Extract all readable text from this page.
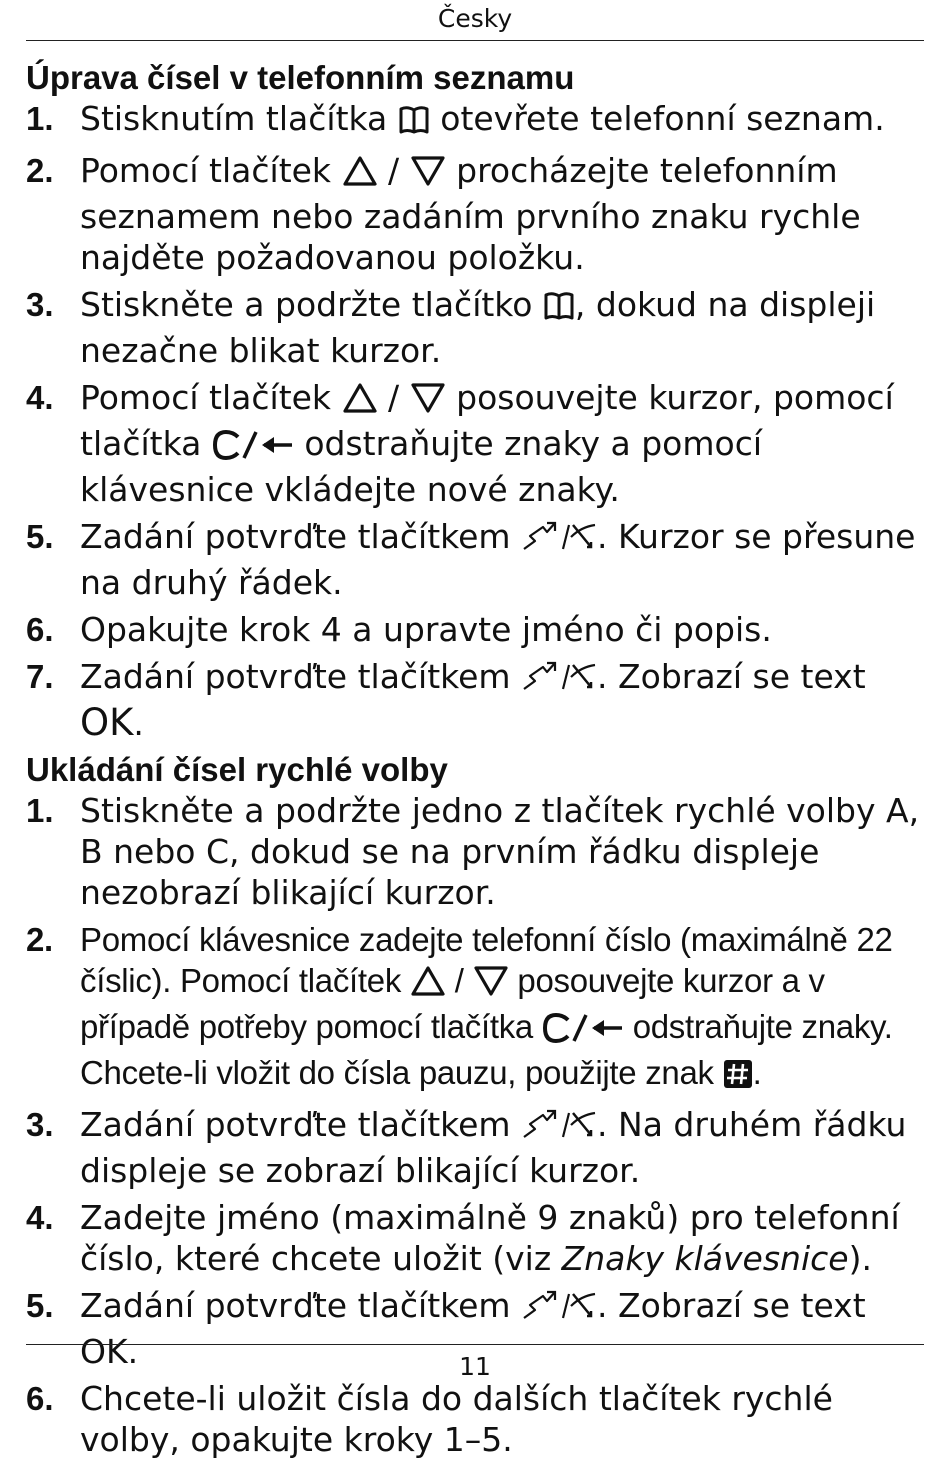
Česky
Úprava čísel v telefonním seznamu
1. Stisknutím tlačítka  otevřete telefonní seznam.
2. Pomocí tlačítek  /  procházejte telefonním seznamem nebo zadáním prvního znaku rychle najděte požadovanou položku.
3. Stiskněte a podržte tlačítko , dokud na displeji nezačne blikat kurzor.
4. Pomocí tlačítek  /  posouvejte kurzor, pomocí tlačítka  odstraňujte znaky a pomocí klávesnice vkládejte nové znaky.
5. Zadání potvrďte tlačítkem . Kurzor se přesune na druhý řádek.
6. Opakujte krok 4 a upravte jméno či popis.
7. Zadání potvrďte tlačítkem . Zobrazí se text OK.
Ukládání čísel rychlé volby
1. Stiskněte a podržte jedno z tlačítek rychlé volby A, B nebo C, dokud se na prvním řádku displeje nezobrazí blikající kurzor.
2. Pomocí klávesnice zadejte telefonní číslo (maximálně 22 číslic). Pomocí tlačítek  /  posouvejte kurzor a v případě potřeby pomocí tlačítka  odstraňujte znaky. Chcete-li vložit do čísla pauzu, použijte znak .
3. Zadání potvrďte tlačítkem . Na druhém řádku displeje se zobrazí blikající kurzor.
4. Zadejte jméno (maximálně 9 znaků) pro telefonní číslo, které chcete uložit (viz Znaky klávesnice).
5. Zadání potvrďte tlačítkem . Zobrazí se text OK.
6. Chcete-li uložit čísla do dalších tlačítek rychlé volby, opakujte kroky 1–5.
11
